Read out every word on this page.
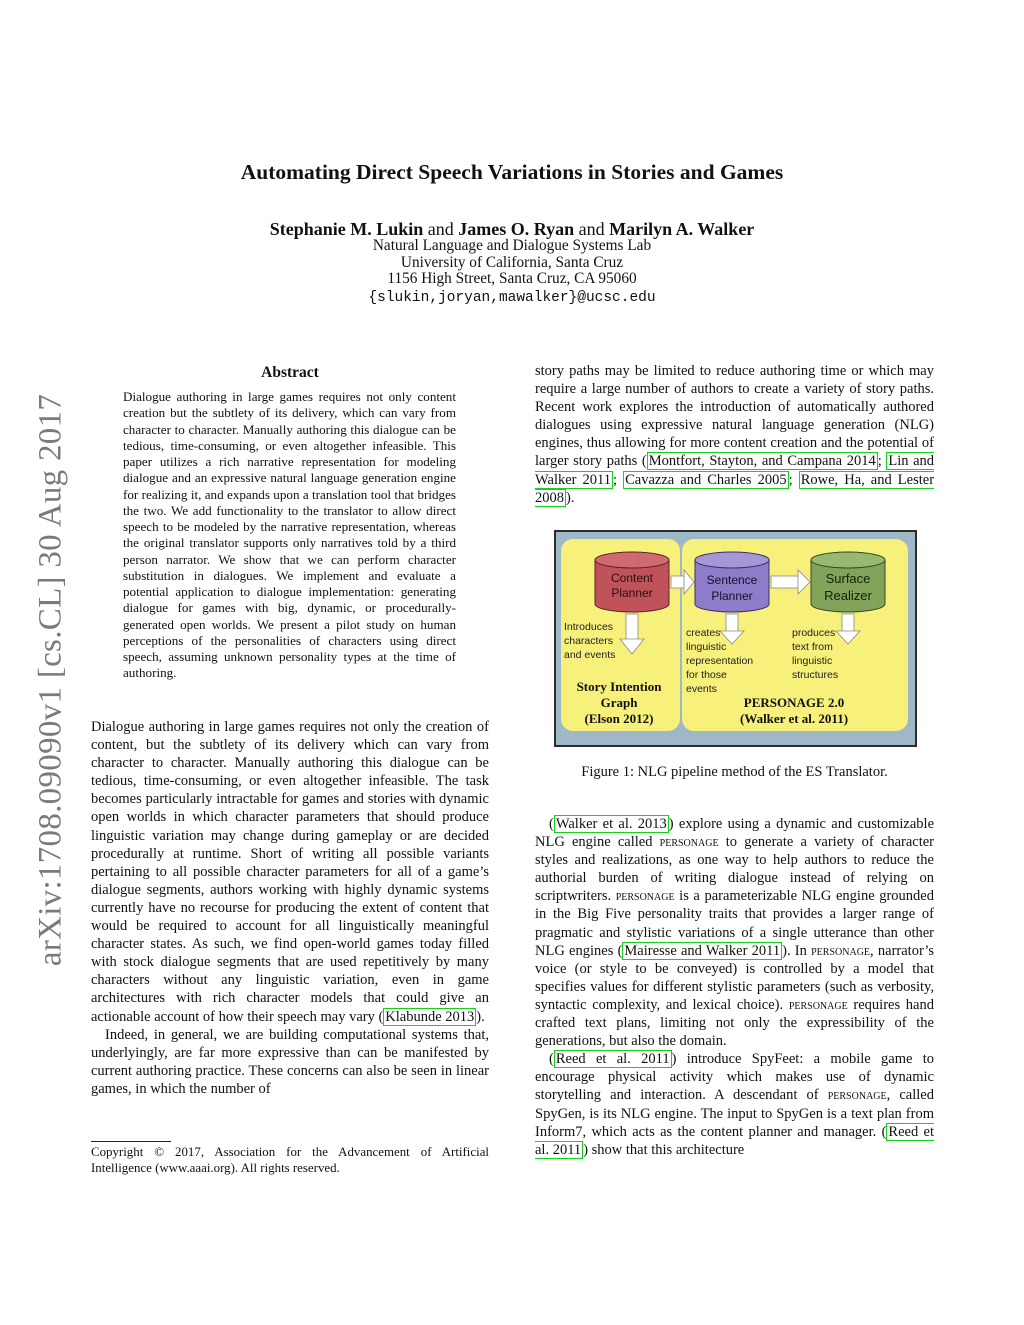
Automating Direct Speech Variations in Stories and Games
Stephanie M. Lukin and James O. Ryan and Marilyn A. Walker
Natural Language and Dialogue Systems Lab
University of California, Santa Cruz
1156 High Street, Santa Cruz, CA 95060
{slukin,joryan,mawalker}@ucsc.edu
arXiv:1708.09090v1 [cs.CL] 30 Aug 2017
Abstract
Dialogue authoring in large games requires not only content creation but the subtlety of its delivery, which can vary from character to character. Manually authoring this dialogue can be tedious, time-consuming, or even altogether infeasible. This paper utilizes a rich narrative representation for modeling dialogue and an expressive natural language generation engine for realizing it, and expands upon a translation tool that bridges the two. We add functionality to the translator to allow direct speech to be modeled by the narrative representation, whereas the original translator supports only narratives told by a third person narrator. We show that we can perform character substitution in dialogues. We implement and evaluate a potential application to dialogue implementation: generating dialogue for games with big, dynamic, or procedurally-generated open worlds. We present a pilot study on human perceptions of the personalities of characters using direct speech, assuming unknown personality types at the time of authoring.

Dialogue authoring in large games requires not only the creation of content, but the subtlety of its delivery which can vary from character to character. Manually authoring this dialogue can be tedious, time-consuming, or even altogether infeasible. The task becomes particularly intractable for games and stories with dynamic open worlds in which character parameters that should produce linguistic variation may change during gameplay or are decided procedurally at runtime. Short of writing all possible variants pertaining to all possible character parameters for all of a game’s dialogue segments, authors working with highly dynamic systems currently have no recourse for producing the extent of content that would be required to account for all linguistically meaningful character states. As such, we find open-world games today filled with stock dialogue segments that are used repetitively by many characters without any linguistic variation, even in game architectures with rich character models that could give an actionable account of how their speech may vary ( Klabunde 2013 ).

Indeed, in general, we are building computational systems that, underlyingly, are far more expressive than can be manifested by current authoring practice. These concerns can also be seen in linear games, in which the number of

Copyright © 2017, Association for the Advancement of Artificial Intelligence (www.aaai.org). All rights reserved.
story paths may be limited to reduce authoring time or which may require a large number of authors to create a variety of story paths. Recent work explores the introduction of automatically authored dialogues using expressive natural language generation (NLG) engines, thus allowing for more content creation and the potential of larger story paths ( Montfort, Stayton, and Campana 2014 ; Lin and Walker 2011 ; Cavazza and Charles 2005 ; Rowe, Ha, and Lester 2008 ).
Content
Planner
Sentence
Planner
Surface
Realizer
Introduces
characters
and events
creates
linguistic
representation
for those
events
produces
text from
linguistic
structures
Story Intention
Graph
(Elson 2012)
PERSONAGE 2.0
(Walker et al. 2011)
Figure 1: NLG pipeline method of the ES Translator.

( Walker et al. 2013 ) explore using a dynamic and customizable NLG engine called personage to generate a variety of character styles and realizations, as one way to help authors to reduce the authorial burden of writing dialogue instead of relying on scriptwriters. personage is a parameterizable NLG engine grounded in the Big Five personality traits that provides a larger range of pragmatic and stylistic variations of a single utterance than other NLG engines ( Mairesse and Walker 2011 ). In personage, narrator’s voice (or style to be conveyed) is controlled by a model that specifies values for different stylistic parameters (such as verbosity, syntactic complexity, and lexical choice). personage requires hand crafted text plans, limiting not only the expressibility of the generations, but also the domain.

( Reed et al. 2011 ) introduce SpyFeet: a mobile game to encourage physical activity which makes use of dynamic storytelling and interaction. A descendant of personage, called SpyGen, is its NLG engine. The input to SpyGen is a text plan from Inform7, which acts as the content planner and manager. ( Reed et al. 2011 ) show that this architecture
